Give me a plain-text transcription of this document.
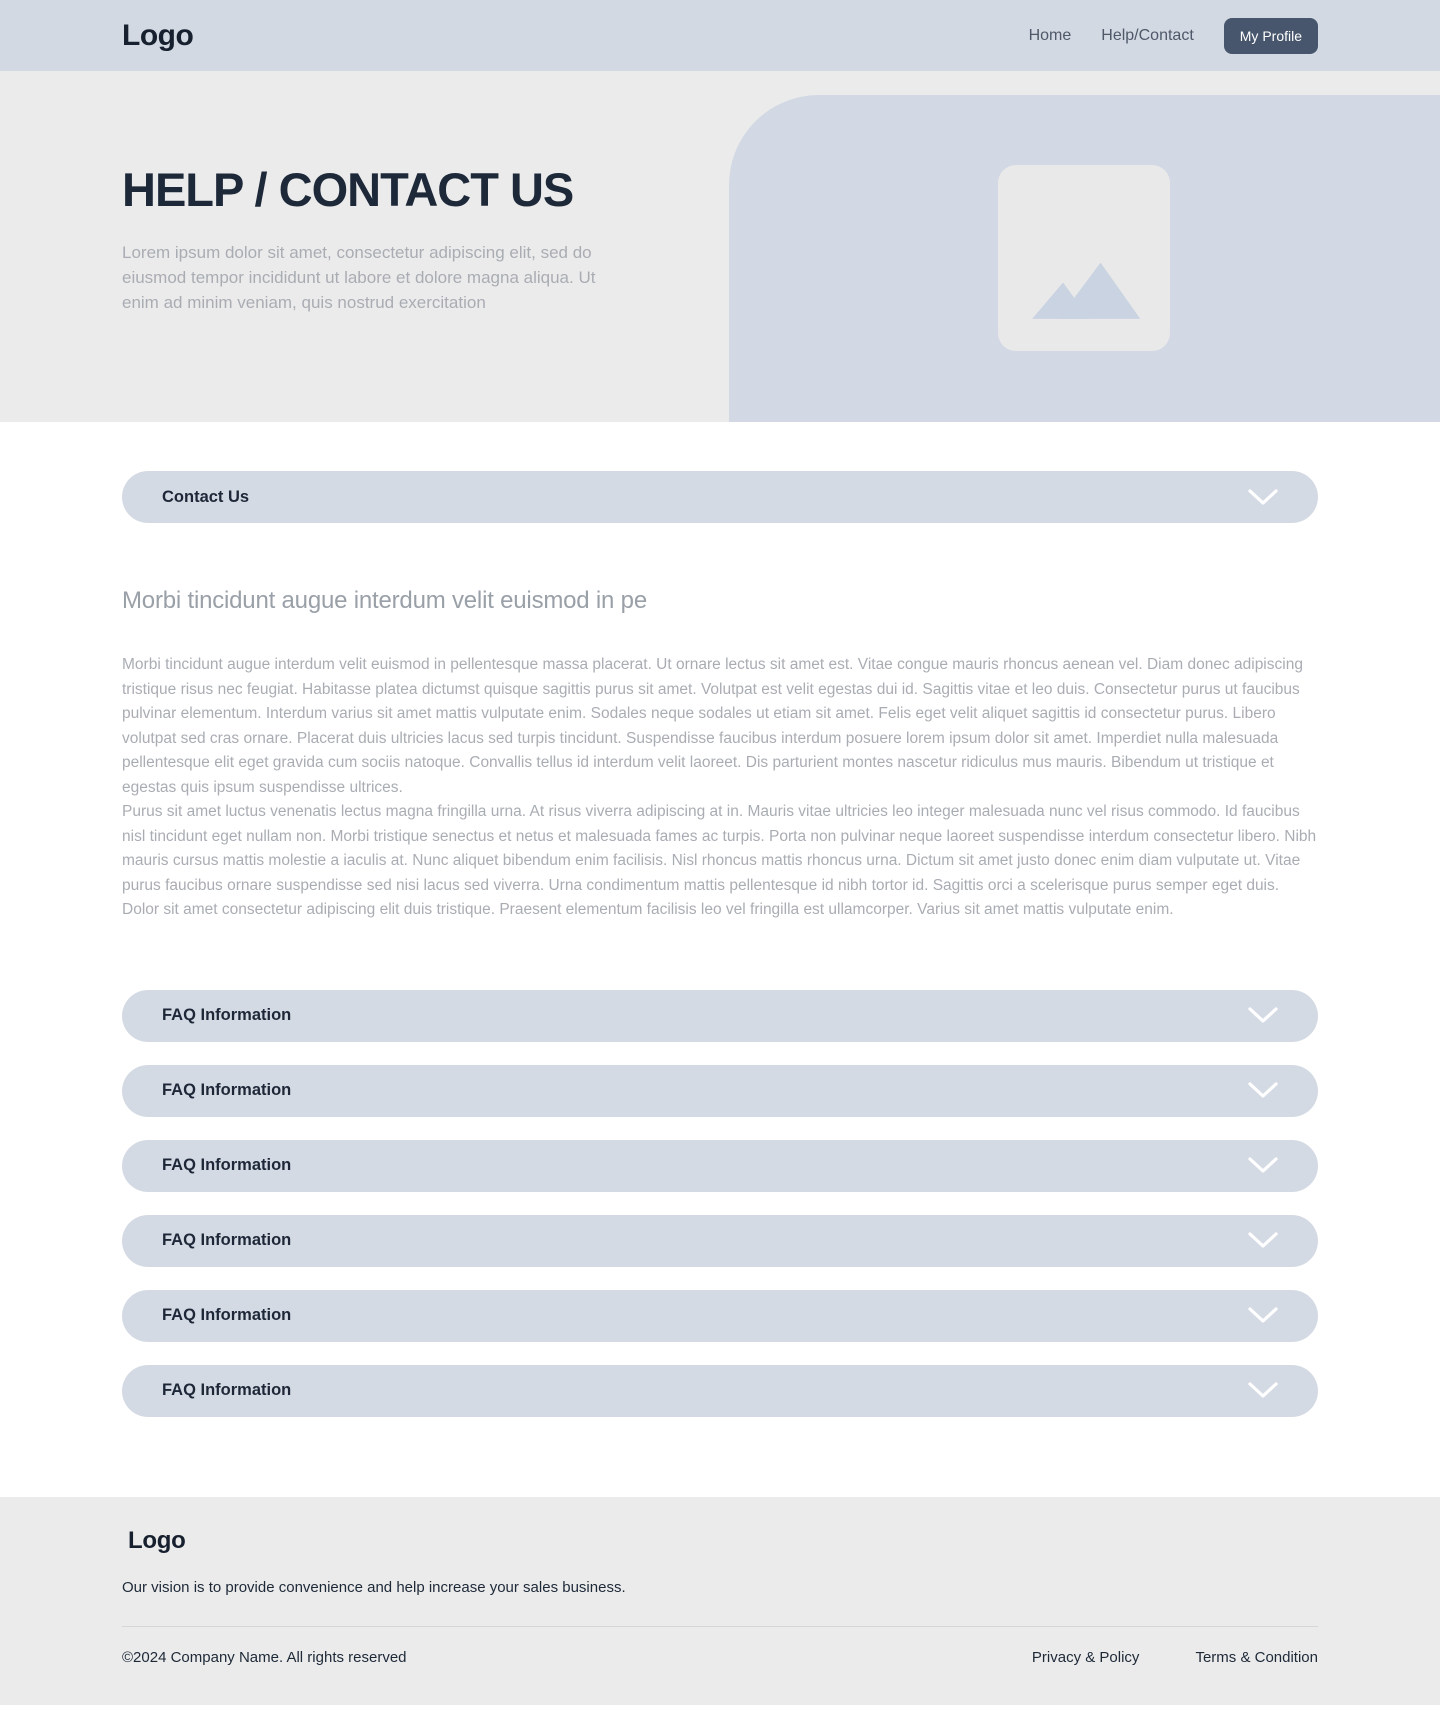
Logo	Home Help/Contact	My Profile
HELP / CONTACT US

Lorem ipsum dolor sit amet, consectetur adipiscing elit, sed do eiusmod tempor incididunt ut labore et dolore magna aliqua. Ut enim ad minim veniam, quis nostrud exercitation

Contact Us
Morbi tincidunt augue interdum velit euismod in pe

Morbi tincidunt augue interdum velit euismod in pellentesque massa placerat. Ut ornare lectus sit amet est. Vitae congue mauris rhoncus aenean vel. Diam donec adipiscing tristique risus nec feugiat. Habitasse platea dictumst quisque sagittis purus sit amet. Volutpat est velit egestas dui id. Sagittis vitae et leo duis. Consectetur purus ut faucibus pulvinar elementum. Interdum varius sit amet mattis vulputate enim. Sodales neque sodales ut etiam sit amet. Felis eget velit aliquet sagittis id consectetur purus. Libero volutpat sed cras ornare. Placerat duis ultricies lacus sed turpis tincidunt. Suspendisse faucibus interdum posuere lorem ipsum dolor sit amet. Imperdiet nulla malesuada pellentesque elit eget gravida cum sociis natoque. Convallis tellus id interdum velit laoreet. Dis parturient montes nascetur ridiculus mus mauris. Bibendum ut tristique et egestas quis ipsum suspendisse ultrices.

Purus sit amet luctus venenatis lectus magna fringilla urna. At risus viverra adipiscing at in. Mauris vitae ultricies leo integer malesuada nunc vel risus commodo. Id faucibus nisl tincidunt eget nullam non. Morbi tristique senectus et netus et malesuada fames ac turpis. Porta non pulvinar neque laoreet suspendisse interdum consectetur libero. Nibh mauris cursus mattis molestie a iaculis at. Nunc aliquet bibendum enim facilisis. Nisl rhoncus mattis rhoncus urna. Dictum sit amet justo donec enim diam vulputate ut. Vitae purus faucibus ornare suspendisse sed nisi lacus sed viverra. Urna condimentum mattis pellentesque id nibh tortor id. Sagittis orci a scelerisque purus semper eget duis. Dolor sit amet consectetur adipiscing elit duis tristique. Praesent elementum facilisis leo vel fringilla est ullamcorper. Varius sit amet mattis vulputate enim.

FAQ Information
FAQ Information
FAQ Information
FAQ Information
FAQ Information
FAQ Information
Logo

Our vision is to provide convenience and help increase your sales business.

©2024 Company Name. All rights reserved	Privacy & Policy	Terms & Condition
